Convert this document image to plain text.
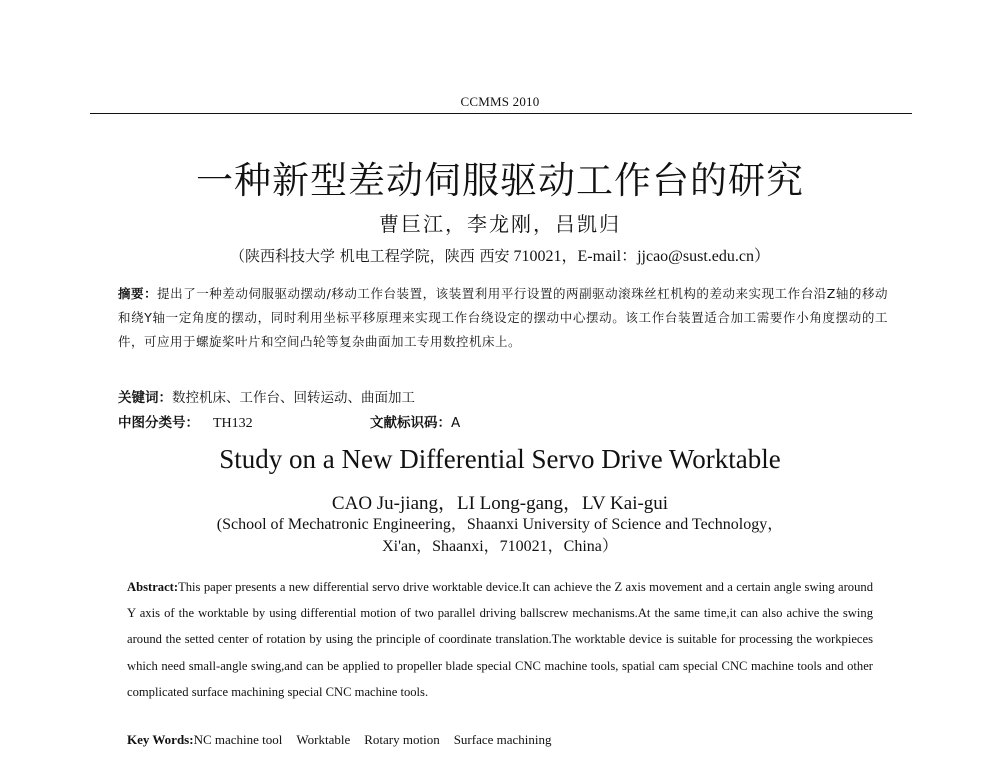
CCMMS 2010
一种新型差动伺服驱动工作台的研究
曹巨江，李龙刚，吕凯归
（陕西科技大学 机电工程学院，陕西 西安 710021，E-mail：jjcao@sust.edu.cn）
摘要：提出了一种差动伺服驱动摆动/移动工作台装置，该装置利用平行设置的两副驱动滚珠丝杠机构的差动来实现工作台沿Z轴的移动和绕Y轴一定角度的摆动，同时利用坐标平移原理来实现工作台绕设定的摆动中心摆动。该工作台装置适合加工需要作小角度摆动的工件，可应用于螺旋桨叶片和空间凸轮等复杂曲面加工专用数控机床上。
关键词：数控机床、工作台、回转运动、曲面加工
中图分类号： TH132	文献标识码：A
Study on a New Differential Servo Drive Worktable
CAO Ju-jiang，LI Long-gang，LV Kai-gui
(School of Mechatronic Engineering，Shaanxi University of Science and Technology，
Xi'an，Shaanxi，710021，China）
Abstract:This paper presents a new differential servo drive worktable device.It can achieve the Z axis movement and a certain angle swing around Y axis of the worktable by using differential motion of two parallel driving ballscrew mechanisms.At the same time,it can also achive the swing around the setted center of rotation by using the principle of coordinate translation.The worktable device is suitable for processing the workpieces which need small-angle swing,and can be applied to propeller blade special CNC machine tools, spatial cam special CNC machine tools and other complicated surface machining special CNC machine tools.
Key Words:NC machine tool Worktable Rotary motion Surface machining
